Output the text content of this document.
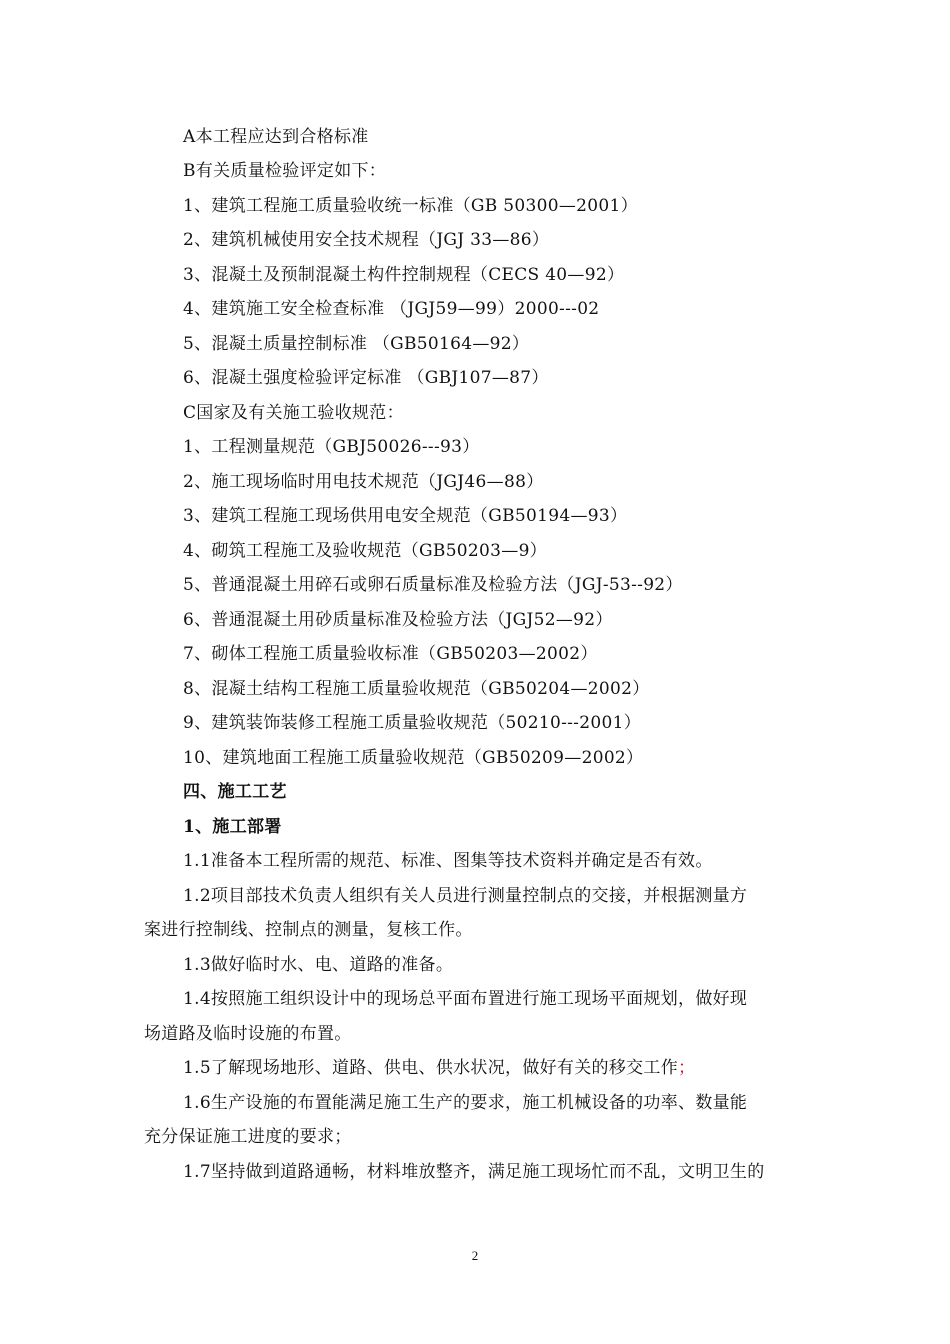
A本工程应达到合格标准
B有关质量检验评定如下：
1、建筑工程施工质量验收统一标准（GB 50300—2001）
2、建筑机械使用安全技术规程（JGJ 33—86）
3、混凝土及预制混凝土构件控制规程（CECS 40—92）
4、建筑施工安全检查标准 （JGJ59—99）2000---02
5、混凝土质量控制标准 （GB50164—92）
6、混凝土强度检验评定标准 （GBJ107—87）
C国家及有关施工验收规范：
1、工程测量规范（GBJ50026---93）
2、施工现场临时用电技术规范（JGJ46—88）
3、建筑工程施工现场供用电安全规范（GB50194—93）
4、砌筑工程施工及验收规范（GB50203—9）
5、普通混凝土用碎石或卵石质量标准及检验方法（JGJ-53--92）
6、普通混凝土用砂质量标准及检验方法（JGJ52—92）
7、砌体工程施工质量验收标准（GB50203—2002）
8、混凝土结构工程施工质量验收规范（GB50204—2002）
9、建筑装饰装修工程施工质量验收规范（50210---2001）
10、建筑地面工程施工质量验收规范（GB50209—2002）
四、施工工艺
1、施工部署
1.1准备本工程所需的规范、标准、图集等技术资料并确定是否有效。
1.2项目部技术负责人组织有关人员进行测量控制点的交接，并根据测量方
案进行控制线、控制点的测量，复核工作。
1.3做好临时水、电、道路的准备。
1.4按照施工组织设计中的现场总平面布置进行施工现场平面规划，做好现
场道路及临时设施的布置。
1.5了解现场地形、道路、供电、供水状况，做好有关的移交工作；
1.6生产设施的布置能满足施工生产的要求，施工机械设备的功率、数量能
充分保证施工进度的要求；
1.7坚持做到道路通畅，材料堆放整齐，满足施工现场忙而不乱，文明卫生的
2
